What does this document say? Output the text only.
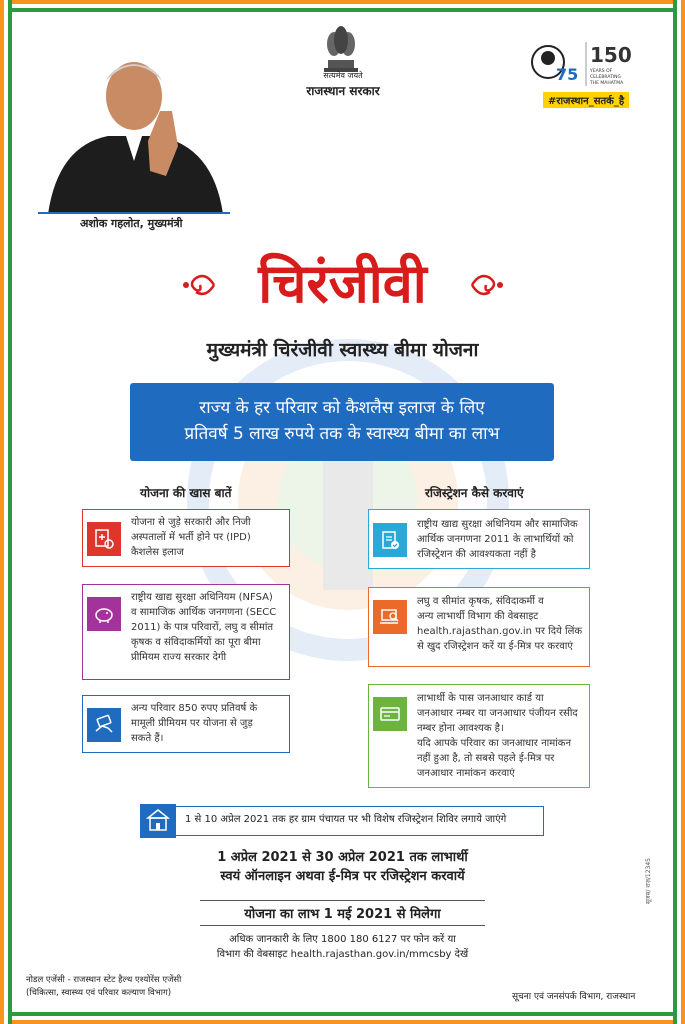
अशोक गहलोत, मुख्यमंत्री
सत्यमेव जयते
राजस्थान सरकार
75
150
YEARS OF
CELEBRATING
THE MAHATMA
#राजस्थान_सतर्क_है
चिरंजीवी
मुख्यमंत्री चिरंजीवी स्वास्थ्य बीमा योजना
राज्य के हर परिवार को कैशलैस इलाज के लिए
प्रतिवर्ष 5 लाख रुपये तक के स्वास्थ्य बीमा का लाभ
योजना की खास बातें	रजिस्ट्रेशन कैसे करवाएं
योजना से जुड़े सरकारी और निजी
अस्पतालों में भर्ती होने पर (IPD)
कैशलेस इलाज
राष्ट्रीय खाद्य सुरक्षा अधिनियम (NFSA)
व सामाजिक आर्थिक जनगणना (SECC
2011) के पात्र परिवारों, लघु व सीमांत
कृषक व संविदाकर्मियों का पूरा बीमा
प्रीमियम राज्य सरकार देगी
अन्य परिवार 850 रुपए प्रतिवर्ष के
मामूली प्रीमियम पर योजना से जुड़
सकते हैं।
राष्ट्रीय खाद्य सुरक्षा अधिनियम और सामाजिक
आर्थिक जनगणना 2011 के लाभार्थियों को
रजिस्ट्रेशन की आवश्यकता नहीं है
लघु व सीमांत कृषक, संविदाकर्मी व
अन्य लाभार्थी विभाग की वेबसाइट
health.rajasthan.gov.in पर दिये लिंक
से खुद रजिस्ट्रेशन करें या ई-मित्र पर करवाएं
लाभार्थी के पास जनआधार कार्ड या
जनआधार नम्बर या जनआधार पंजीयन रसीद
नम्बर होना आवश्यक है।
यदि आपके परिवार का जनआधार नामांकन
नहीं हुआ है, तो सबसे पहले ई-मित्र पर
जनआधार नामांकन करवाएं
1 से 10 अप्रेल 2021 तक हर ग्राम पंचायत पर भी विशेष रजिस्ट्रेशन शिविर लगाये जाएंगे
1 अप्रेल 2021 से 30 अप्रेल 2021 तक लाभार्थी
स्वयं ऑनलाइन अथवा ई-मित्र पर रजिस्ट्रेशन करवायें
योजना का लाभ 1 मई 2021 से मिलेगा
अधिक जानकारी के लिए 1800 180 6127 पर फोन करें या
विभाग की वेबसाइट health.rajasthan.gov.in/mmcsby देखें
नोडल एजेंसी - राजस्थान स्टेट हैल्थ एश्योरेंस एजेंसी
(चिकित्सा, स्वास्थ्य एवं परिवार कल्याण विभाग)	सूचना एवं जनसंपर्क विभाग, राजस्थान
सूजस/ राज़/12345
